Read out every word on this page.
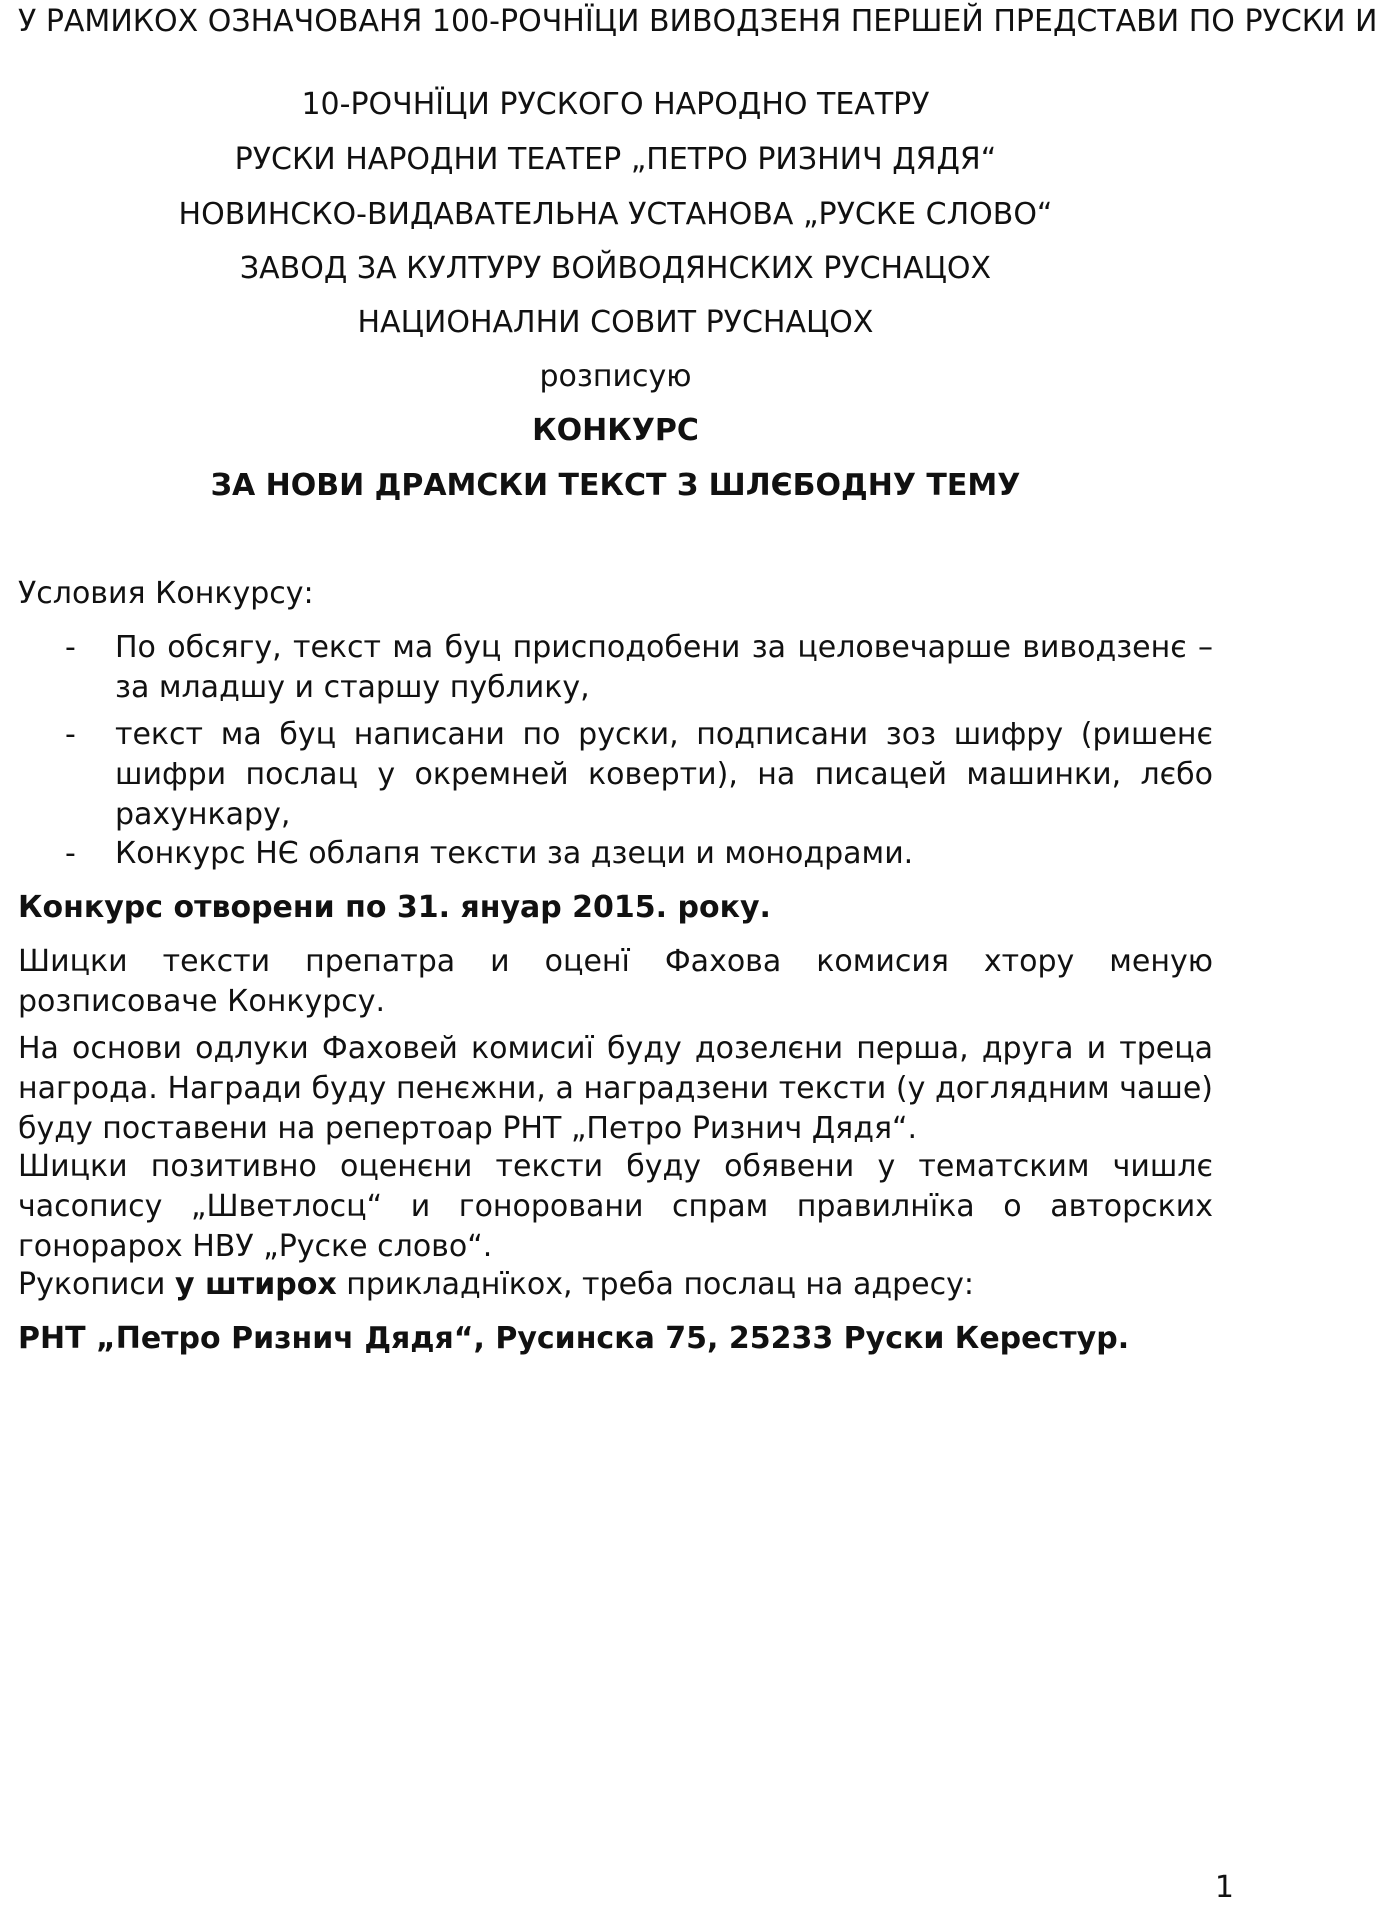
У РАМИКОХ ОЗНАЧОВАНЯ 100-РОЧНЇЦИ ВИВОДЗЕНЯ ПЕРШЕЙ ПРЕДСТАВИ ПО РУСКИ И
10-РОЧНЇЦИ РУСКОГО НАРОДНО ТЕАТРУ
РУСКИ НАРОДНИ ТЕАТЕР „ПЕТРО РИЗНИЧ ДЯДЯ“
НОВИНСКО-ВИДАВАТЕЛЬНА УСТАНОВА „РУСКЕ СЛОВО“
ЗАВОД ЗА КУЛТУРУ ВОЙВОДЯНСКИХ РУСНАЦОХ
НАЦИОНАЛНИ СОВИТ РУСНАЦОХ
розписую
КОНКУРС
ЗА НОВИ ДРАМСКИ ТЕКСТ З ШЛЄБОДНУ ТЕМУ
Условия Конкурсу:
- По обсягу, текст ма буц приcподобени за целовечарше виводзенє – за младшу и старшу публику,
- текст ма буц написани по руски, подписани зоз шифру (ришенє шифри послац у окремней коверти), на писацей машинки, лєбо рахункару,
- Конкурс НЄ облапя тексти за дзеци и монодрами.
Конкурс отворени по 31. януар 2015. року.
Шицки тексти препатра и оценї Фахова комисия хтору меную розписоваче Конкурсу.
На основи одлуки Фаховей комисиї буду дозелєни перша, друга и треца нагрода. Награди буду пенєжни, а наградзени тексти (у доглядним чаше) буду поставени на репертоар РНТ „Петро Ризнич Дядя“.
Шицки позитивно оценєни тексти буду обявени у тематским чишлє часопису „Шветлосц“ и гоноровани спрам правилнїка о авторских гонорарох НВУ „Руске слово“.
Рукописи у штирох прикладнїкох, треба послац на адресу:
РНТ „Петро Ризнич Дядя“, Русинска 75, 25233 Руски Керестур.
1
